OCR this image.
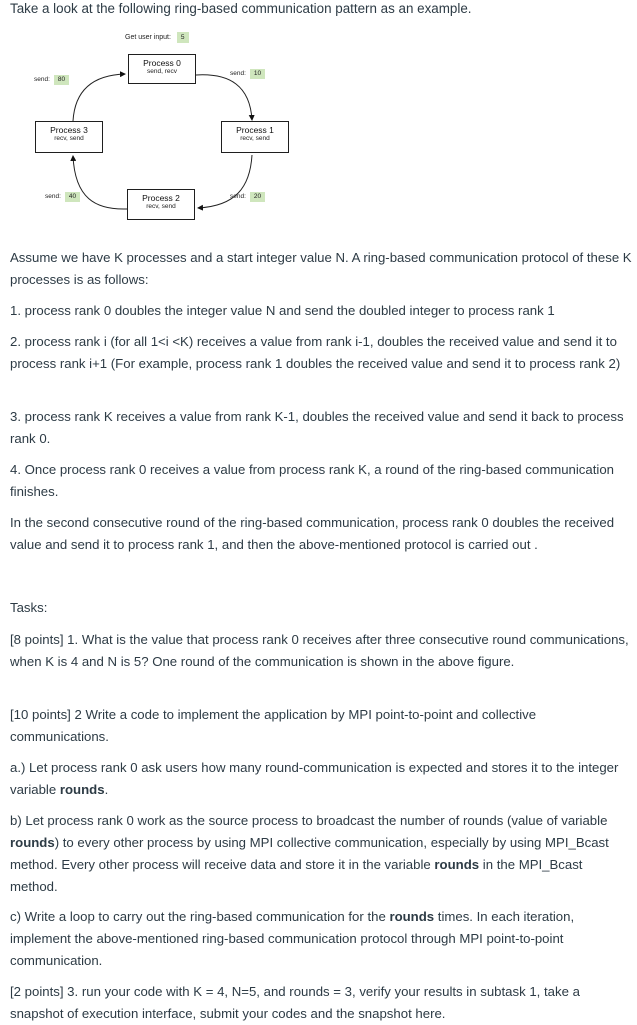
Take a look at the following ring-based communication pattern as an example.
Get user input: 5
Process 0
send, recv
Process 1
recv, send
Process 2
recv, send
Process 3
recv, send
send: 10
send: 20
send: 40
send: 80
Assume we have K processes and a start integer value N. A ring-based communication protocol of these K processes is as follows:
1. process rank 0 doubles the integer value N and send the doubled integer to process rank 1
2. process rank i (for all 1<i <K) receives a value from rank i-1, doubles the received value and send it to process rank i+1 (For example, process rank 1 doubles the received value and send it to process rank 2)
3. process rank K receives a value from rank K-1, doubles the received value and send it back to process rank 0.
4. Once process rank 0 receives a value from process rank K, a round of the ring-based communication finishes.
In the second consecutive round of the ring-based communication, process rank 0 doubles the received value and send it to process rank 1, and then the above-mentioned protocol is carried out .
Tasks:
[8 points] 1. What is the value that process rank 0 receives after three consecutive round communications, when K is 4 and N is 5? One round of the communication is shown in the above figure.
[10 points] 2 Write a code to implement the application by MPI point-to-point and collective communications.
a.) Let process rank 0 ask users how many round-communication is expected and stores it to the integer variable rounds.
b) Let process rank 0 work as the source process to broadcast the number of rounds (value of variable rounds) to every other process by using MPI collective communication, especially by using MPI_Bcast method. Every other process will receive data and store it in the variable rounds in the MPI_Bcast method.
c) Write a loop to carry out the ring-based communication for the rounds times. In each iteration, implement the above-mentioned ring-based communication protocol through MPI point-to-point communication.
[2 points] 3. run your code with K = 4, N=5, and rounds = 3, verify your results in subtask 1, take a snapshot of execution interface, submit your codes and the snapshot here.
